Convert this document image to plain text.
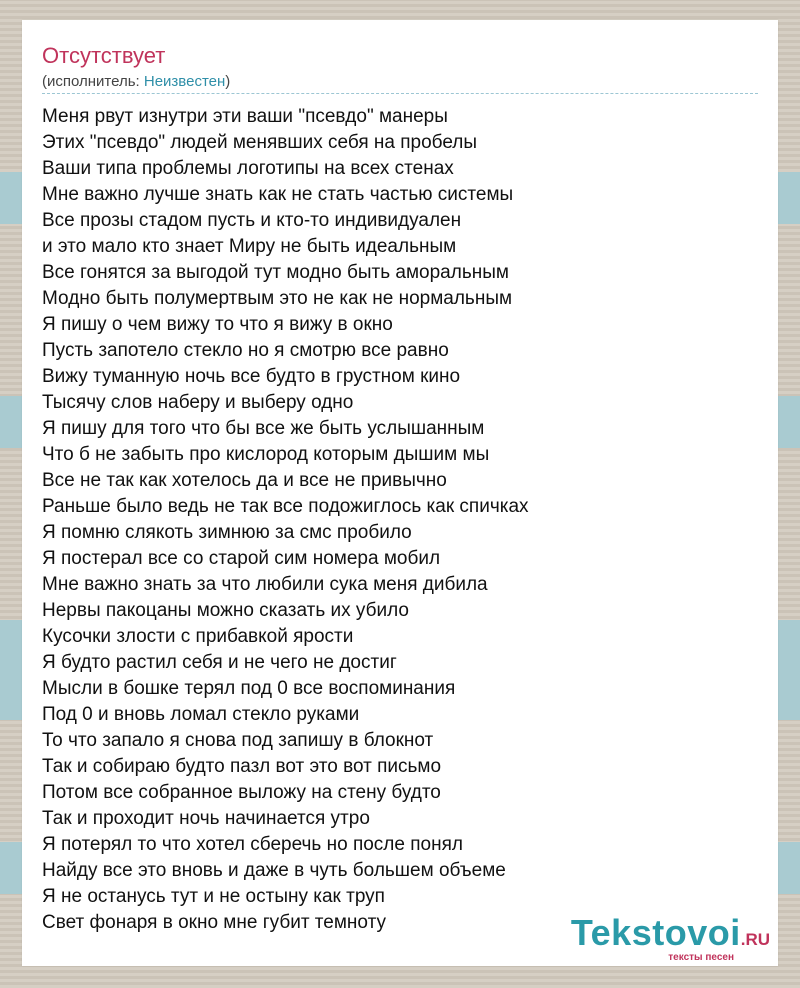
Отсутствует
(исполнитель: Неизвестен)
Меня рвут изнутри эти ваши "псевдо" манеры
Этих "псевдо" людей менявших себя на пробелы
Ваши типа проблемы логотипы на всех стенах
Мне важно лучше знать как не стать частью системы
Все прозы стадом пусть и кто-то индивидуален
и это мало кто знает Миру не быть идеальным
Все гонятся за выгодой тут модно быть аморальным
Модно быть полумертвым это не как не нормальным
Я пишу о чем вижу то что я вижу в окно
Пусть запотело стекло но я смотрю все равно
Вижу туманную ночь все будто в грустном кино
Тысячу слов наберу и выберу одно
Я пишу для того что бы все же быть услышанным
Что б не забыть про кислород которым дышим мы
Все не так как хотелось да и все не привычно
Раньше было ведь не так все подожиглось как спичках
Я помню слякоть зимнюю за смс пробило
Я постерал все со старой сим номера мобил
Мне важно знать за что любили сука меня дибила
Нервы пакоцаны можно сказать их убило
Кусочки злости с прибавкой ярости
Я будто растил себя и не чего не достиг
Мысли в бошке терял под 0 все воспоминания
Под 0 и вновь ломал стекло руками
То что запало я снова под запишу в блокнот
Так и собираю будто пазл вот это вот письмо
Потом все собранное выложу на стену будто
Так и проходит ночь начинается утро
Я потерял то что хотел сберечь но после понял
Найду все это вновь и даже в чуть большем объеме
Я не останусь тут и не остыну как труп
Свет фонаря в окно мне губит темноту	Tekstovoi.RU
тексты песен
